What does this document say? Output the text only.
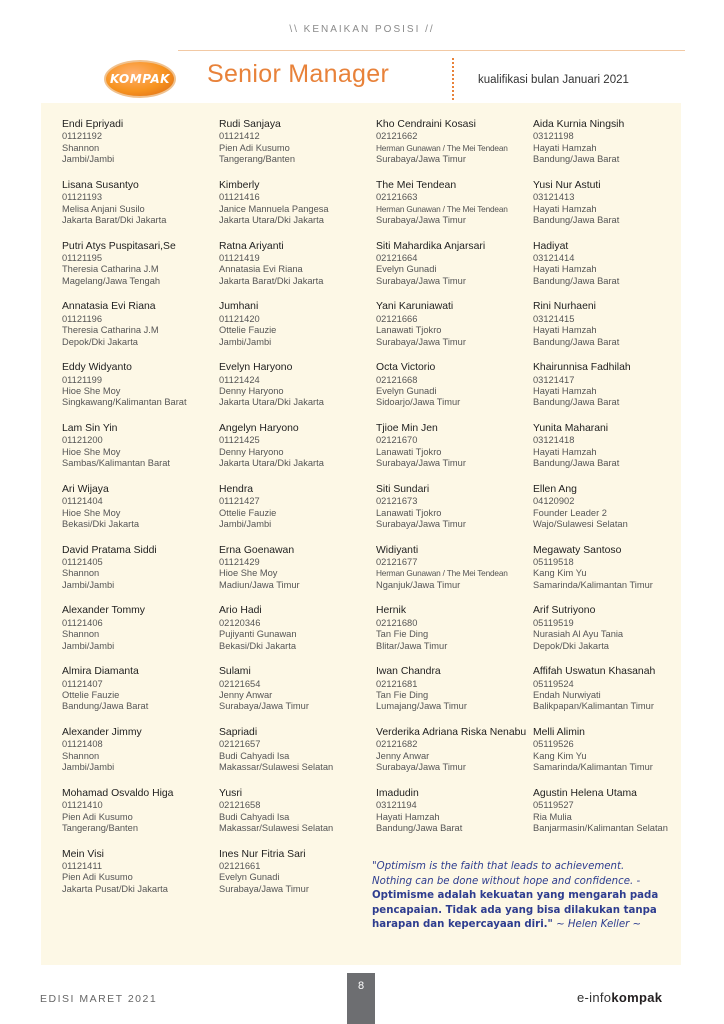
\\ KENAIKAN POSISI //
KOMPAK Senior Manager	kualifikasi bulan Januari 2021
Endi Epriyadi
01121192
Shannon
Jambi/Jambi
Lisana Susantyo
01121193
Melisa Anjani Susilo
Jakarta Barat/Dki Jakarta
Putri Atys Puspitasari,Se
01121195
Theresia Catharina J.M
Magelang/Jawa Tengah
Annatasia Evi Riana
01121196
Theresia Catharina J.M
Depok/Dki Jakarta
Eddy Widyanto
01121199
Hioe She Moy
Singkawang/Kalimantan Barat
Lam Sin Yin
01121200
Hioe She Moy
Sambas/Kalimantan Barat
Ari Wijaya
01121404
Hioe She Moy
Bekasi/Dki Jakarta
David Pratama Siddi
01121405
Shannon
Jambi/Jambi
Alexander Tommy
01121406
Shannon
Jambi/Jambi
Almira Diamanta
01121407
Ottelie Fauzie
Bandung/Jawa Barat
Alexander Jimmy
01121408
Shannon
Jambi/Jambi
Mohamad Osvaldo Higa
01121410
Pien Adi Kusumo
Tangerang/Banten
Mein Visi
01121411
Pien Adi Kusumo
Jakarta Pusat/Dki Jakarta
Rudi Sanjaya
01121412
Pien Adi Kusumo
Tangerang/Banten
Kimberly
01121416
Janice Mannuela Pangesa
Jakarta Utara/Dki Jakarta
Ratna Ariyanti
01121419
Annatasia Evi Riana
Jakarta Barat/Dki Jakarta
Jumhani
01121420
Ottelie Fauzie
Jambi/Jambi
Evelyn Haryono
01121424
Denny Haryono
Jakarta Utara/Dki Jakarta
Angelyn Haryono
01121425
Denny Haryono
Jakarta Utara/Dki Jakarta
Hendra
01121427
Ottelie Fauzie
Jambi/Jambi
Erna Goenawan
01121429
Hioe She Moy
Madiun/Jawa Timur
Ario Hadi
02120346
Pujiyanti Gunawan
Bekasi/Dki Jakarta
Sulami
02121654
Jenny Anwar
Surabaya/Jawa Timur
Sapriadi
02121657
Budi Cahyadi Isa
Makassar/Sulawesi Selatan
Yusri
02121658
Budi Cahyadi Isa
Makassar/Sulawesi Selatan
Ines Nur Fitria Sari
02121661
Evelyn Gunadi
Surabaya/Jawa Timur
Kho Cendraini Kosasi
02121662
Herman Gunawan / The Mei Tendean
Surabaya/Jawa Timur
The Mei Tendean
02121663
Herman Gunawan / The Mei Tendean
Surabaya/Jawa Timur
Siti Mahardika Anjarsari
02121664
Evelyn Gunadi
Surabaya/Jawa Timur
Yani Karuniawati
02121666
Lanawati Tjokro
Surabaya/Jawa Timur
Octa Victorio
02121668
Evelyn Gunadi
Sidoarjo/Jawa Timur
Tjioe Min Jen
02121670
Lanawati Tjokro
Surabaya/Jawa Timur
Siti Sundari
02121673
Lanawati Tjokro
Surabaya/Jawa Timur
Widiyanti
02121677
Herman Gunawan / The Mei Tendean
Nganjuk/Jawa Timur
Hernik
02121680
Tan Fie Ding
Blitar/Jawa Timur
Iwan Chandra
02121681
Tan Fie Ding
Lumajang/Jawa Timur
Verderika Adriana Riska Nenabu
02121682
Jenny Anwar
Surabaya/Jawa Timur
Imadudin
03121194
Hayati Hamzah
Bandung/Jawa Barat
Aida Kurnia Ningsih
03121198
Hayati Hamzah
Bandung/Jawa Barat
Yusi Nur Astuti
03121413
Hayati Hamzah
Bandung/Jawa Barat
Hadiyat
03121414
Hayati Hamzah
Bandung/Jawa Barat
Rini Nurhaeni
03121415
Hayati Hamzah
Bandung/Jawa Barat
Khairunnisa Fadhilah
03121417
Hayati Hamzah
Bandung/Jawa Barat
Yunita Maharani
03121418
Hayati Hamzah
Bandung/Jawa Barat
Ellen Ang
04120902
Founder Leader 2
Wajo/Sulawesi Selatan
Megawaty Santoso
05119518
Kang Kim Yu
Samarinda/Kalimantan Timur
Arif Sutriyono
05119519
Nurasiah Al Ayu Tania
Depok/Dki Jakarta
Affifah Uswatun Khasanah
05119524
Endah Nurwiyati
Balikpapan/Kalimantan Timur
Melli Alimin
05119526
Kang Kim Yu
Samarinda/Kalimantan Timur
Agustin Helena Utama
05119527
Ria Mulia
Banjarmasin/Kalimantan Selatan
"Optimism is the faith that leads to achievement. Nothing can be done without hope and confidence. - Optimisme adalah kekuatan yang mengarah pada pencapaian. Tidak ada yang bisa dilakukan tanpa harapan dan kepercayaan diri." ~ Helen Keller ~
EDISI MARET 2021
8
e-infokompak
